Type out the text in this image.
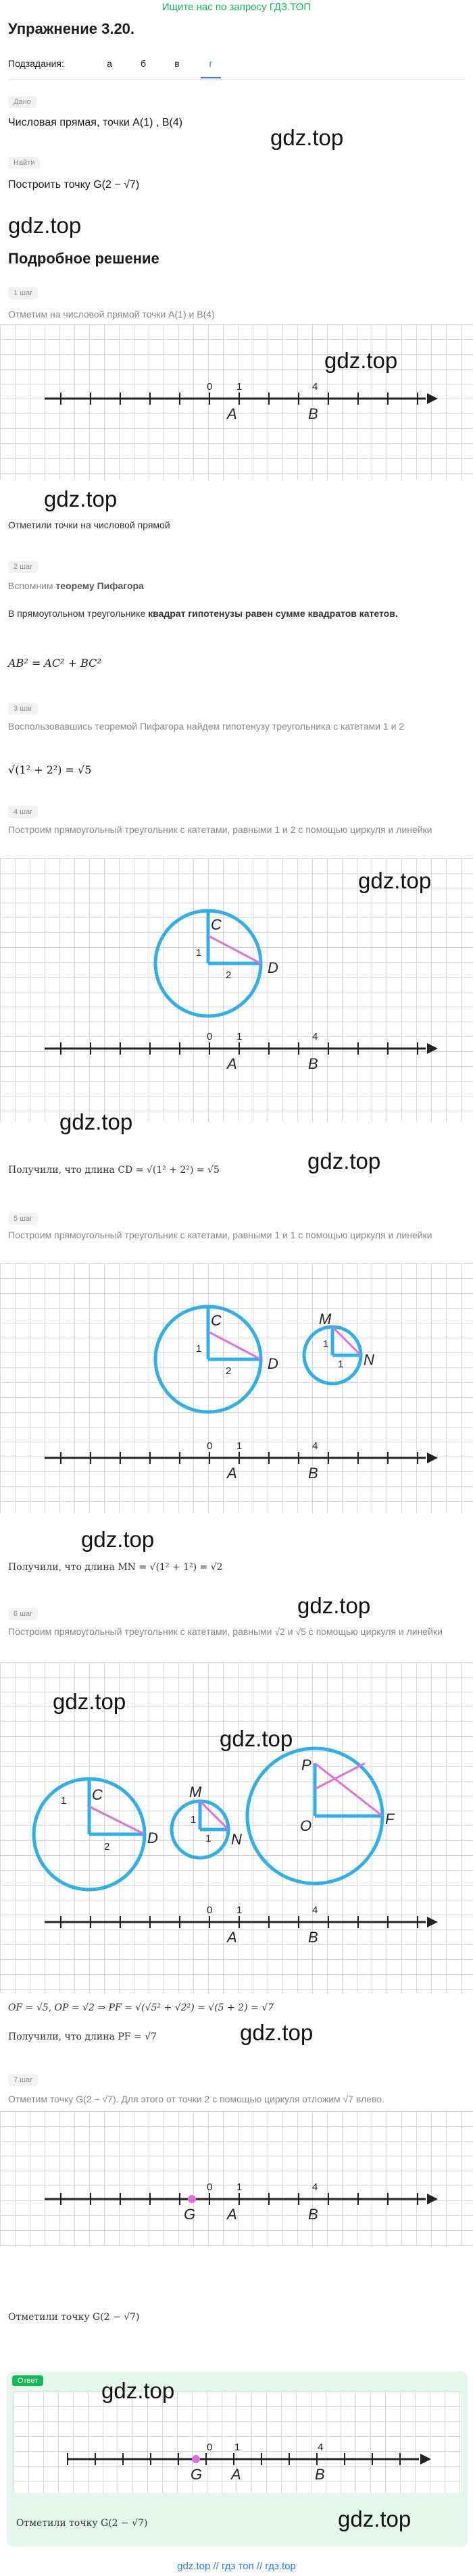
Ищите нас по запросу ГДЗ.ТОП
Упражнение 3.20.
Подзадания:	а	б	в	г
Дано
Числовая прямая, точки A(1) , B(4)
gdz.top
Найти
Построить точку G(2 − √7)
gdz.top
Подробное решение
1 шаг
Отметим на числовой прямой точки A(1) и B(4)
gdz.top
0 1	4
A	B
gdz.top
Отметили точки на числовой прямой
2 шаг
Вспомним теорему Пифагора
В прямоугольном треугольнике квадрат гипотенузы равен сумме квадратов катетов.
AB² = AC² + BC²
3 шаг
Воспользовавшись теоремой Пифагора найдем гипотенузу треугольника с катетами 1 и 2
√(1² + 2²) = √5
4 шаг
Построим прямоугольный треугольник с катетами, равными 1 и 2 с помощью циркуля и линейки
gdz.top
C
D
1
2
0 1	4
A	B
gdz.top
gdz.top
Получили, что длина CD = √(1² + 2²) = √5
5 шаг
Построим прямоугольный треугольник с катетами, равными 1 и 1 с помощью циркуля и линейки
C
D
1
2
M
N
1
1
0 1	4
A	B
gdz.top
Получили, что длина MN = √(1² + 1²) = √2
gdz.top
6 шаг
Построим прямоугольный треугольник с катетами, равными √2 и √5 с помощью циркуля и линейки
gdz.top
gdz.top
C
D
1
2
M
N
1
1
P
O	F
0 1	4
A	B
OF = √5, OP = √2 ⇒ PF = √(√5² + √2²) = √(5 + 2) = √7
gdz.top
Получили, что длина PF = √7
7 шаг
Отметим точку G(2 − √7). Для этого от точки 2 с помощью циркуля отложим √7 влево.
0 1	4
G A	B
Отметили точку G(2 − √7)
Ответ	gdz.top
0 1	4
G A	B
gdz.top
Отметили точку G(2 − √7)
gdz.top // гдз топ // гдз.top
